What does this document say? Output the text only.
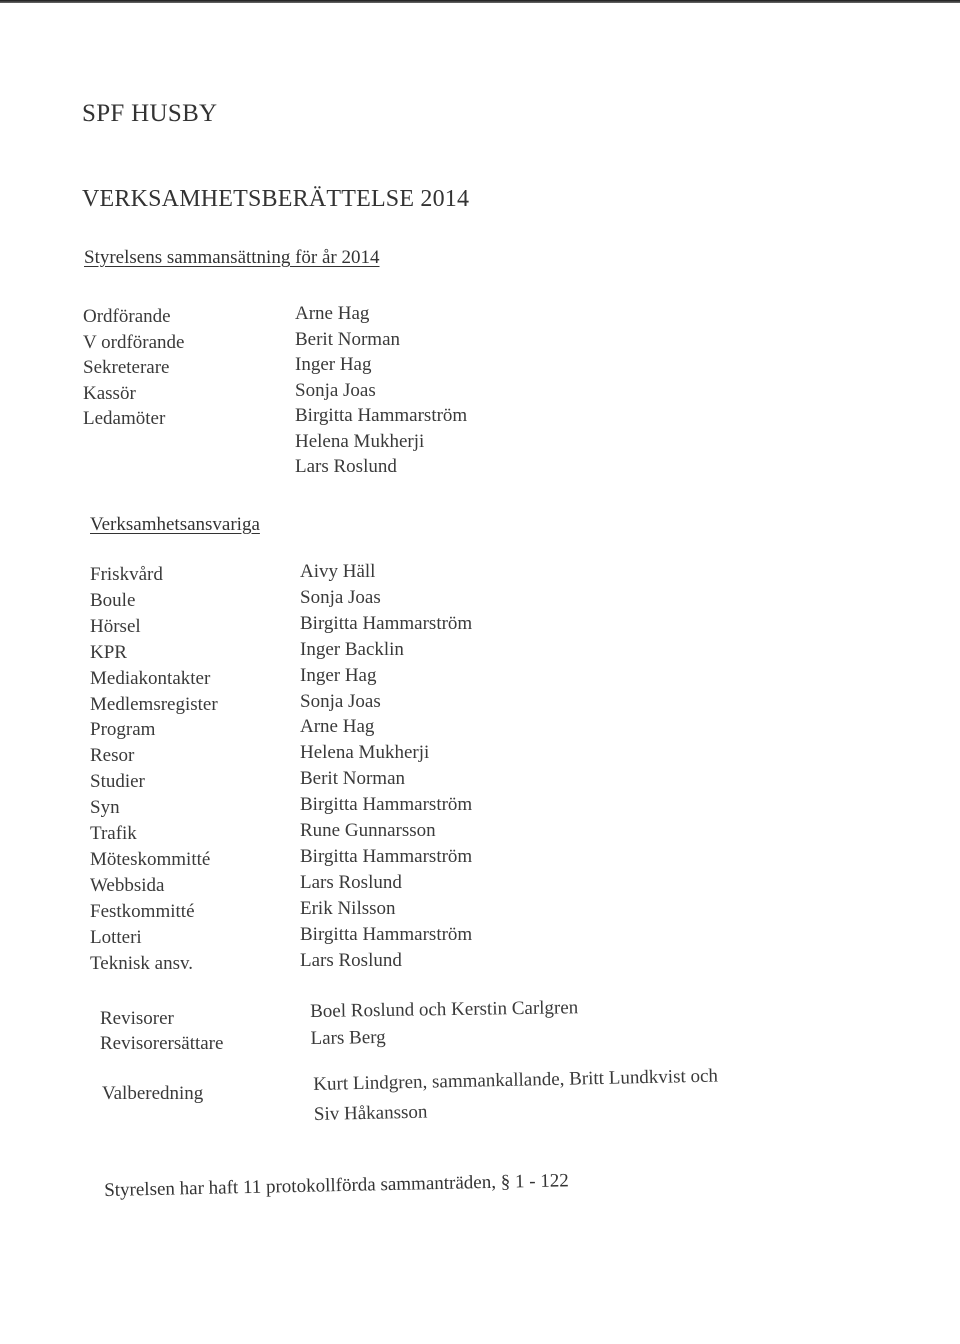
SPF HUSBY
VERKSAMHETSBERÄTTELSE 2014
Styrelsens sammansättning för år 2014
Ordförande
V ordförande
Sekreterare
Kassör
Ledamöter
Arne Hag
Berit Norman
Inger Hag
Sonja Joas
Birgitta Hammarström
Helena Mukherji
Lars Roslund
Verksamhetsansvariga
Friskvård
Boule
Hörsel
KPR
Mediakontakter
Medlemsregister
Program
Resor
Studier
Syn
Trafik
Möteskommitté
Webbsida
Festkommitté
Lotteri
Teknisk ansv.
Aivy Häll
Sonja Joas
Birgitta Hammarström
Inger Backlin
Inger Hag
Sonja Joas
Arne Hag
Helena Mukherji
Berit Norman
Birgitta Hammarström
Rune Gunnarsson
Birgitta Hammarström
Lars Roslund
Erik Nilsson
Birgitta Hammarström
Lars Roslund
Revisorer
Revisorersättare
Boel Roslund och Kerstin Carlgren
Lars Berg
Valberedning	Kurt Lindgren, sammankallande, Britt Lundkvist och
Siv Håkansson
Styrelsen har haft 11 protokollförda sammanträden, § 1 - 122
